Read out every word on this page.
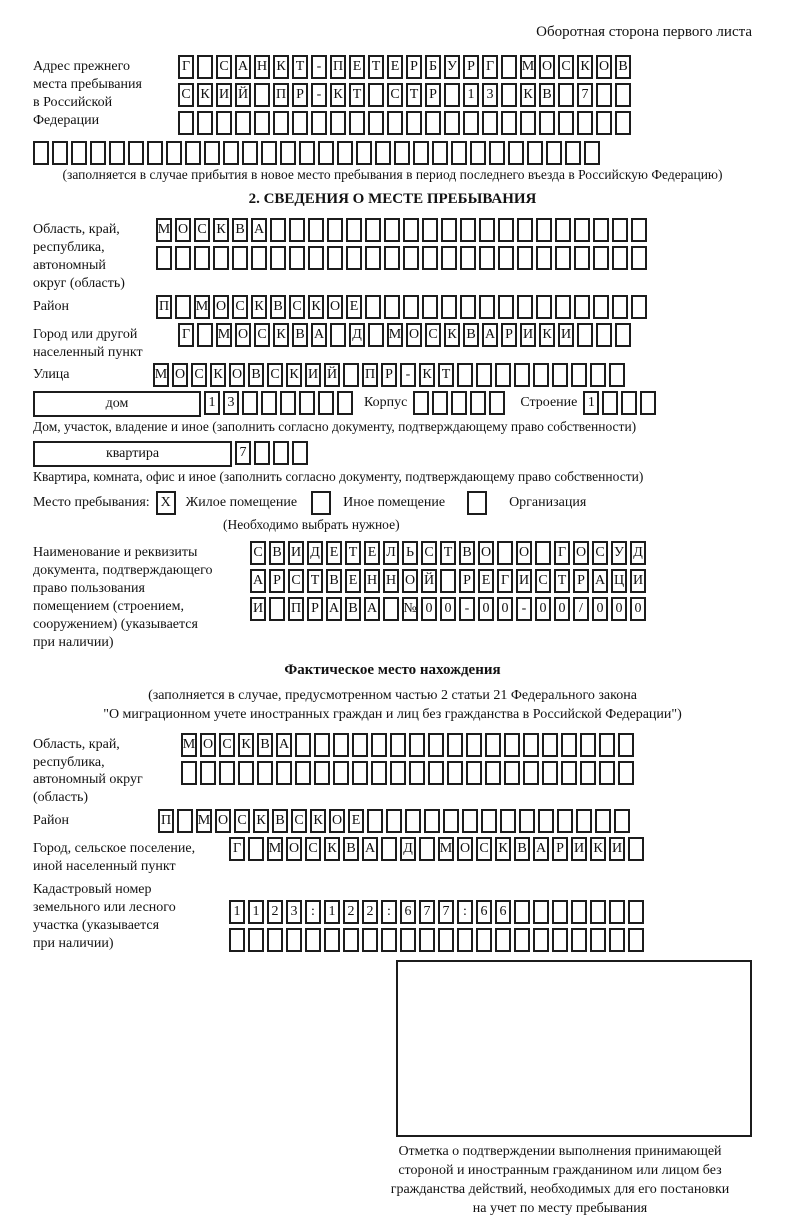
Оборотная сторона первого листа
Адрес прежнего
места пребывания
в Российской
Федерации
Г С А Н К Т - П Е Т Е Р Б У Р Г М О С К О В
С К И Й П Р - К Т С Т Р	1 3	К В	7
(заполняется в случае прибытия в новое место пребывания в период последнего въезда в Российскую Федерацию)
2. СВЕДЕНИЯ О МЕСТЕ ПРЕБЫВАНИЯ
Область, край,
республика,
автономный
округ (область)
М О С К В А
Район	П М О С К В С К О Е
Город или другой
населенный пункт
Г М О С К В А Д М О С К В А Р И К И
Улица	М О С К О В С К И Й П Р - К Т
дом	1 3	Корпус	Строение 1
Дом, участок, владение и иное (заполнить согласно документу, подтверждающему право собственности)
квартира	7
Квартира, комната, офис и иное (заполнить согласно документу, подтверждающему право собственности)
Место пребывания: X	Жилое помещение	Иное помещение	Организация
(Необходимо выбрать нужное)
Наименование и реквизиты
документа, подтверждающего
право пользования
помещением (строением,
сооружением) (указывается
при наличии)
С В И Д Е Т Е Л Ь С Т В О О Г О С У Д
А Р С Т В Е Н Н О Й Р Е Г И С Т Р А Ц И
И П Р А В А № 0 0 - 0 0 - 0 0 / 0 0 0
Фактическое место нахождения
(заполняется в случае, предусмотренном частью 2 статьи 21 Федерального закона
"О миграционном учете иностранных граждан и лиц без гражданства в Российской Федерации")
Область, край,
республика,
автономный округ
(область)
М О С К В А
Район	П М О С К В С К О Е
Город, сельское поселение,
иной населенный пункт
Г М О С К В А Д М О С К В А Р И К И
Кадастровый номер
земельного или лесного
участка (указывается
при наличии)
1 1 2 3 : 1 2 2 : 6 7 7 : 6 6
Отметка о подтверждении выполнения принимающей
стороной и иностранным гражданином или лицом без
гражданства действий, необходимых для его постановки
на учет по месту пребывания
